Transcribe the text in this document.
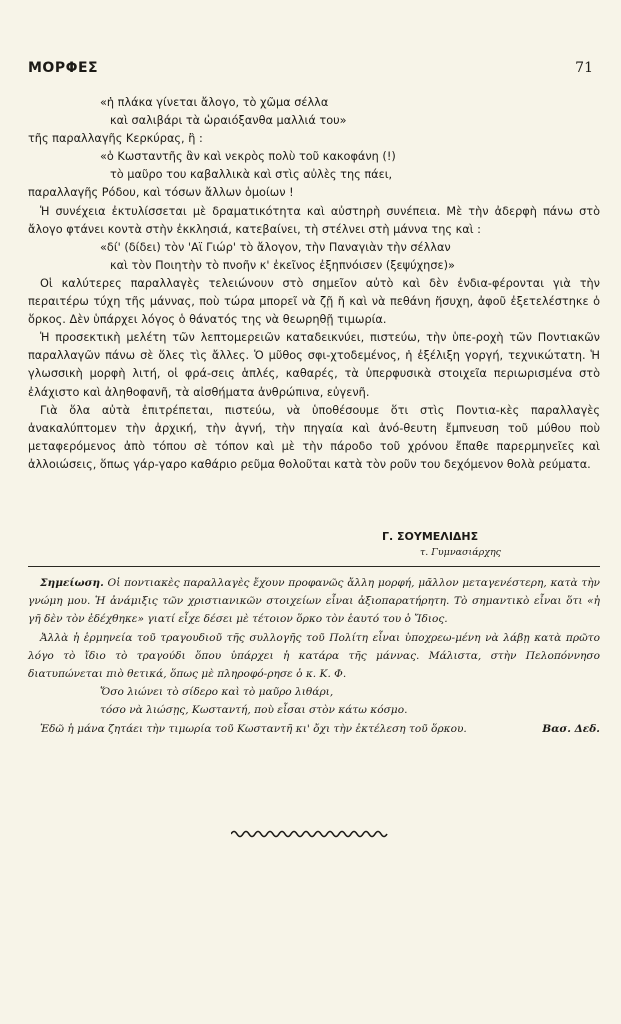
ΜΟΡΦΕΣ	71

«ἡ πλάκα γίνεται ἄλογο, τὸ χῶμα σέλλα

καὶ σαλιβάρι τὰ ὡραιόξανθα μαλλιά του»

τῆς παραλλαγῆς Κερκύρας, ἢ :

«ὁ Κωσταντῆς ἂν καὶ νεκρὸς πολὺ τοῦ κακοφάνη (!)

τὸ μαῦρο του καβαλλικὰ καὶ στὶς αὐλὲς της πάει,

παραλλαγῆς Ρόδου, καὶ τόσων ἄλλων ὁμοίων !

Ἡ συνέχεια ἐκτυλίσσεται μὲ δραματικότητα καὶ αὐστηρὴ συνέπεια. Μὲ τὴν ἀδερφὴ πάνω στὸ ἄλογο φτάνει κοντὰ στὴν ἐκκλησιά, κατεβαίνει, τὴ στέλνει στὴ μάννα της καὶ :

«δί' (δίδει) τὸν 'Αϊ Γιώρ' τὸ ἄλογον, τὴν Παναγιὰν τὴν σέλλαν

καὶ τὸν Ποιητὴν τὸ πνοῆν κ' ἐκεῖνος ἐξηπνόισεν (ξεψύχησε)»

Οἱ καλύτερες παραλλαγὲς τελειώνουν στὸ σημεῖον αὐτὸ καὶ δὲν ἐνδια-φέρονται γιὰ τὴν περαιτέρω τύχη τῆς μάννας, ποὺ τώρα μπορεῖ νὰ ζῇ ἤ καὶ νὰ πεθάνη ἥσυχη, ἀφοῦ ἐξετελέστηκε ὁ ὅρκος. Δὲν ὑπάρχει λόγος ὁ θάνατός της νὰ θεωρηθῇ τιμωρία.

Ἡ προσεκτικὴ μελέτη τῶν λεπτομερειῶν καταδεικνύει, πιστεύω, τὴν ὑπε-ροχὴ τῶν Ποντιακῶν παραλλαγῶν πάνω σὲ ὅλες τὶς ἄλλες. Ὁ μῦθος σφι-χτοδεμένος, ἡ ἐξέλιξη γοργή, τεχνικώτατη. Ἡ γλωσσικὴ μορφὴ λιτή, οἱ φρά-σεις ἁπλές, καθαρές, τὰ ὑπερφυσικὰ στοιχεῖα περιωρισμένα στὸ ἐλάχιστο καὶ ἀληθοφανῆ, τὰ αἰσθήματα ἀνθρώπινα, εὐγενῆ.

Γιὰ ὅλα αὐτὰ ἐπιτρέπεται, πιστεύω, νὰ ὑποθέσουμε ὅτι στὶς Ποντια-κὲς παραλλαγὲς ἀνακαλύπτομεν τὴν ἀρχική, τὴν ἁγνή, τὴν πηγαία καὶ ἀνό-θευτη ἔμπνευση τοῦ μύθου ποὺ μεταφερόμενος ἀπὸ τόπου σὲ τόπον καὶ μὲ τὴν πάροδο τοῦ χρόνου ἔπαθε παρερμηνεῖες καὶ ἀλλοιώσεις, ὅπως γάρ-γαρο καθάριο ρεῦμα θολοῦται κατὰ τὸν ροῦν του δεχόμενον θολὰ ρεύματα.

Γ. ΣΟΥΜΕΛΙΔΗΣ
τ. Γυμνασιάρχης

Σημείωση. Οἱ ποντιακὲς παραλλαγὲς ἔχουν προφανῶς ἄλλη μορφή, μᾶλλον μεταγενέστερη, κατὰ τὴν γνώμη μου. Ἡ ἀνάμιξις τῶν χριστιανικῶν στοιχείων εἶναι ἀξιοπαρατήρητη. Τὸ σημαντικὸ εἶναι ὅτι «ἡ γῆ δὲν τὸν ἐδέχθηκε» γιατί εἶχε δέσει μὲ τέτοιον ὅρκο τὸν ἑαυτό του ὁ Ἴδιος.

Ἀλλὰ ἡ ἑρμηνεία τοῦ τραγουδιοῦ τῆς συλλογῆς τοῦ Πολίτη εἶναι ὑποχρεω-μένη νὰ λάβῃ κατὰ πρῶτο λόγο τὸ ἴδιο τὸ τραγούδι ὅπου ὑπάρχει ἡ κατάρα τῆς μάννας. Μάλιστα, στὴν Πελοπόννησο διατυπώνεται πιὸ θετικά, ὅπως μὲ πληροφό-ρησε ὁ κ. Κ. Φ.

Ὅσο λιώνει τὸ σίδερο καὶ τὸ μαῦρο λιθάρι,

τόσο νὰ λιώσῃς, Κωσταντή, ποὺ εἶσαι στὸν κάτω κόσμο.

Ἐδῶ ἡ μάνα ζητάει τὴν τιμωρία τοῦ Κωσταντῆ κι' ὄχι τὴν ἐκτέλεση τοῦ ὅρκου.	Βασ. Δεδ.
